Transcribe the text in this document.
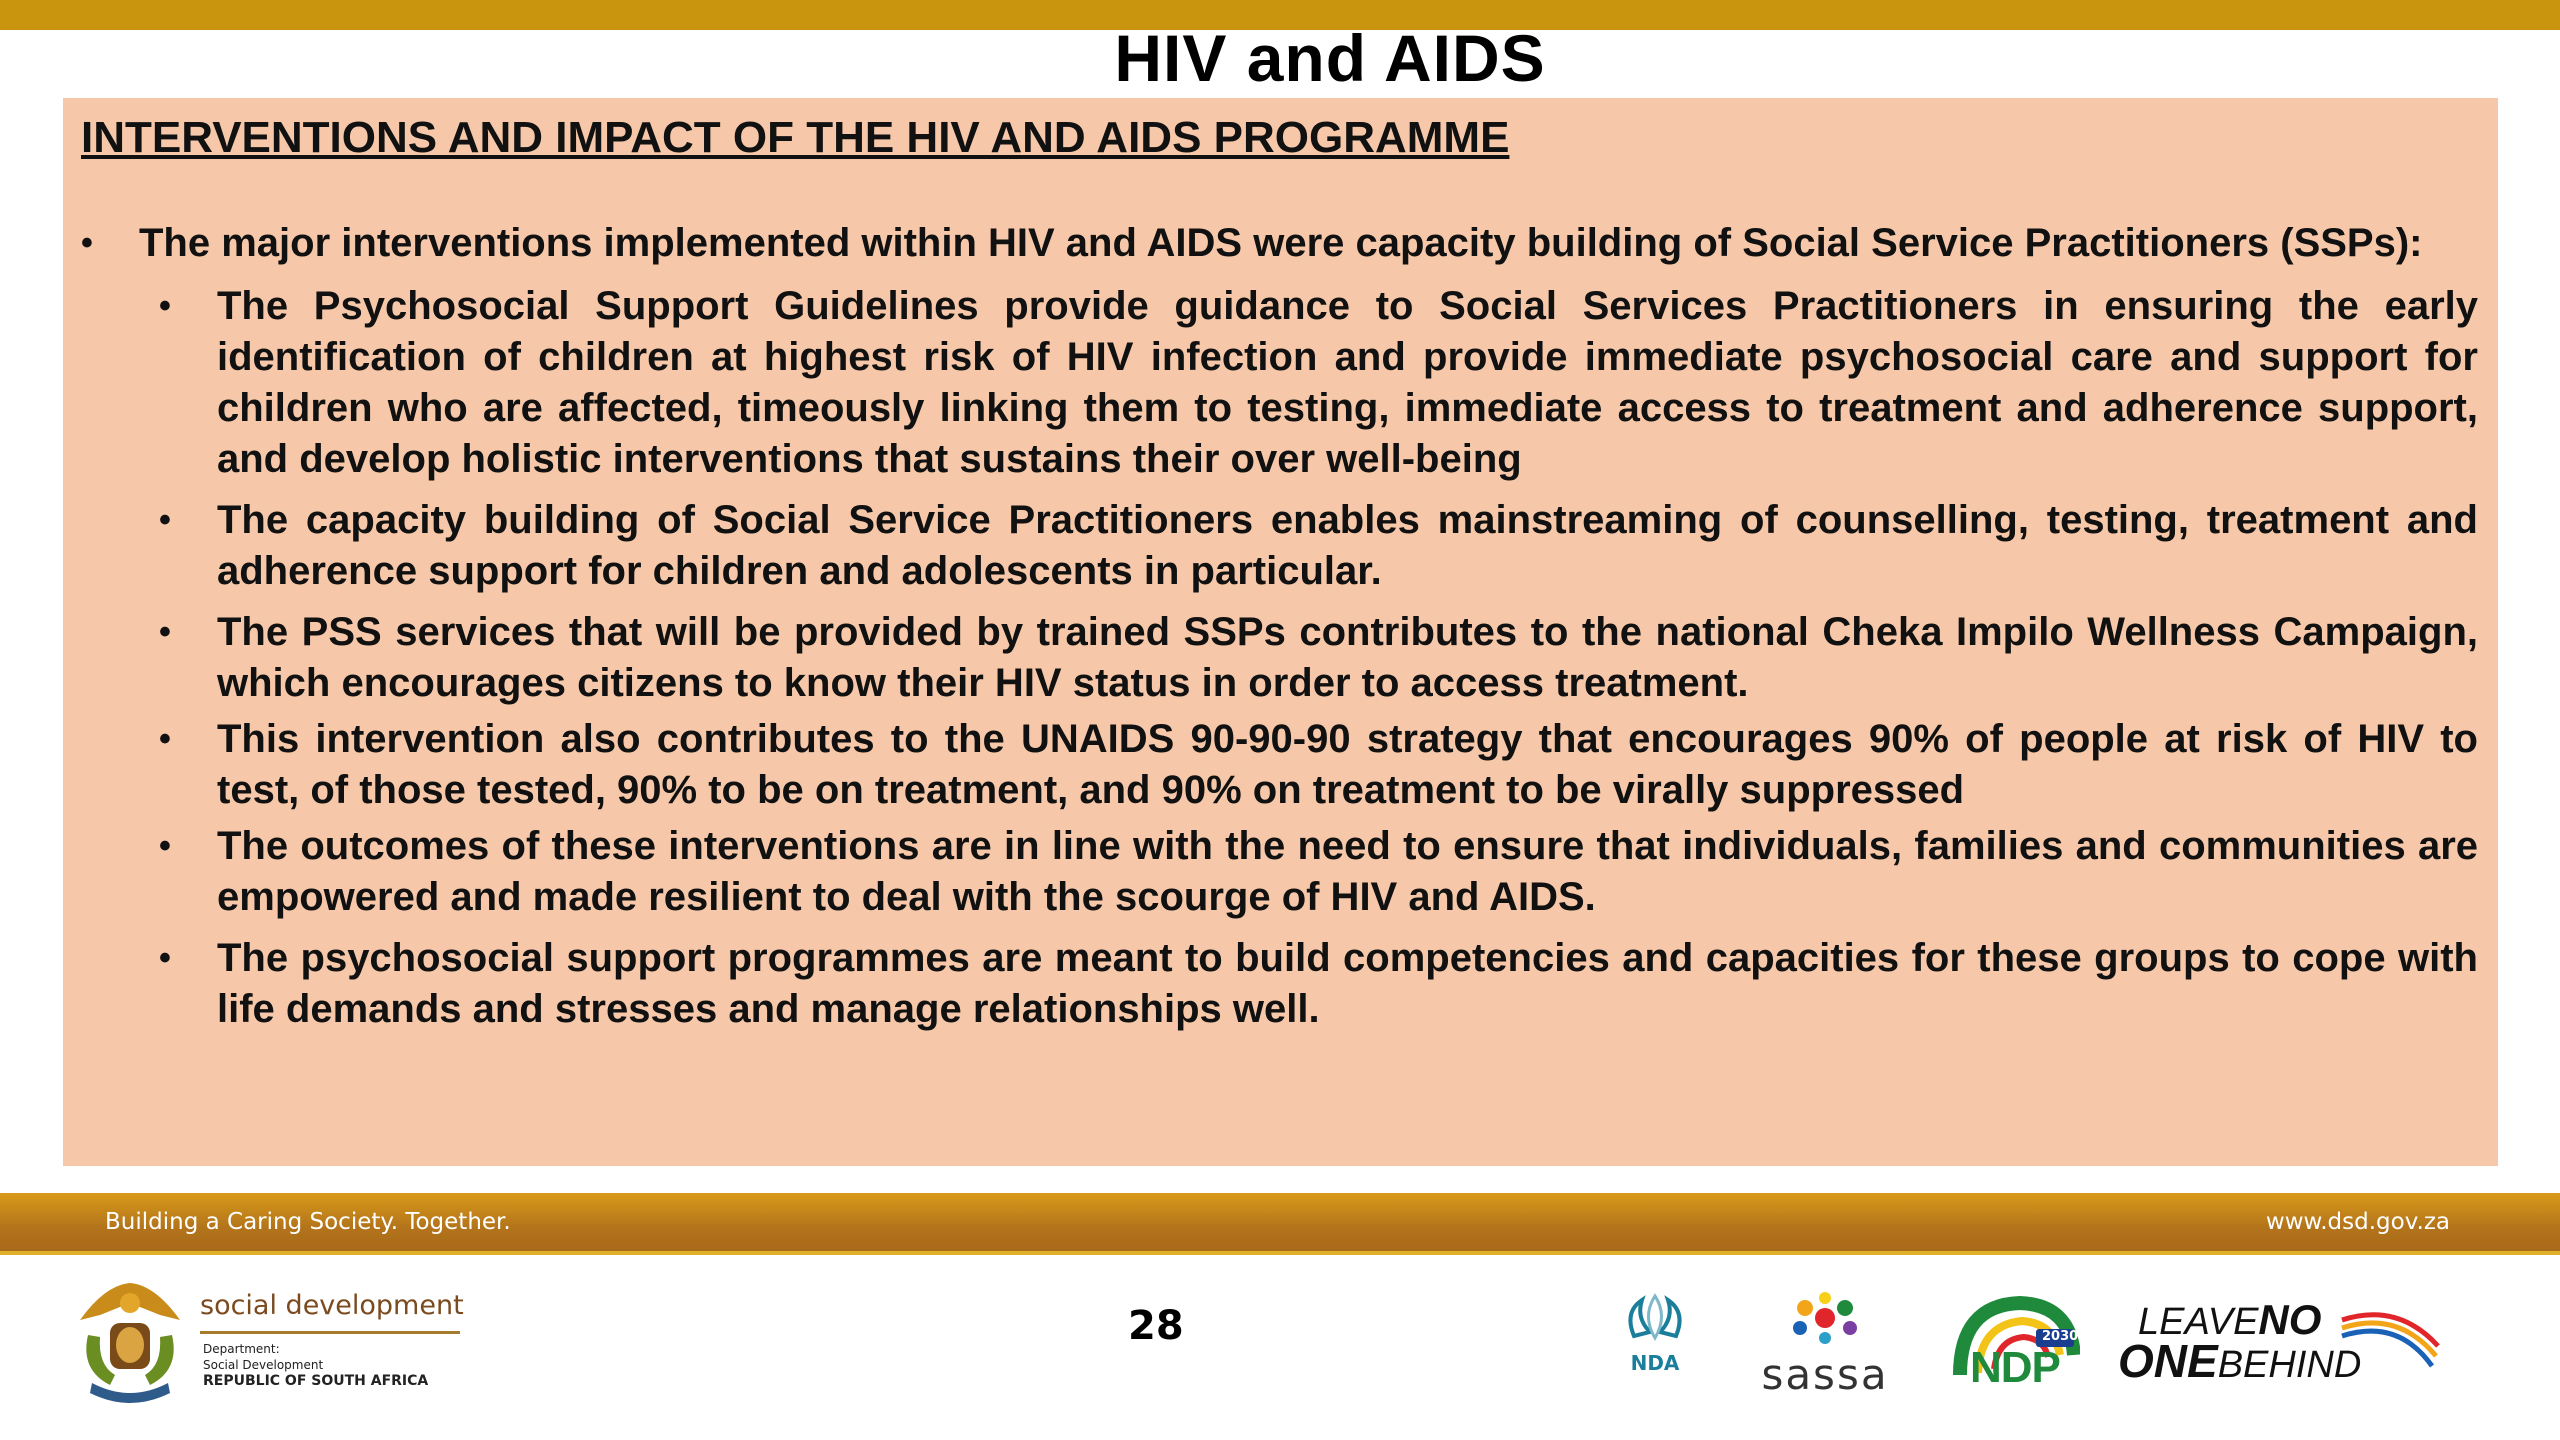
HIV and AIDS
INTERVENTIONS AND IMPACT OF THE HIV AND AIDS PROGRAMME
• The major interventions implemented within HIV and AIDS were capacity building of Social Service Practitioners (SSPs):
• The Psychosocial Support Guidelines provide guidance to Social Services Practitioners in ensuring the early identification of children at highest risk of HIV infection and provide immediate psychosocial care and support for children who are affected, timeously linking them to testing, immediate access to treatment and adherence support, and develop holistic interventions that sustains their over well-being
• The capacity building of Social Service Practitioners enables mainstreaming of counselling, testing, treatment and adherence support for children and adolescents in particular.
• The PSS services that will be provided by trained SSPs contributes to the national Cheka Impilo Wellness Campaign, which encourages citizens to know their HIV status in order to access treatment.
• This intervention also contributes to the UNAIDS 90-90-90 strategy that encourages 90% of people at risk of HIV to test, of those tested, 90% to be on treatment, and 90% on treatment to be virally suppressed
• The outcomes of these interventions are in line with the need to ensure that individuals, families and communities are empowered and made resilient to deal with the scourge of HIV and AIDS.
• The psychosocial support programmes are meant to build competencies and capacities for these groups to cope with life demands and stresses and manage relationships well.
Building a Caring Society. Together.	www.dsd.gov.za
28
social development
Department:
Social Development
REPUBLIC OF SOUTH AFRICA
NDA sassa
2030
NDP
LEAVENO
ONEBEHIND
